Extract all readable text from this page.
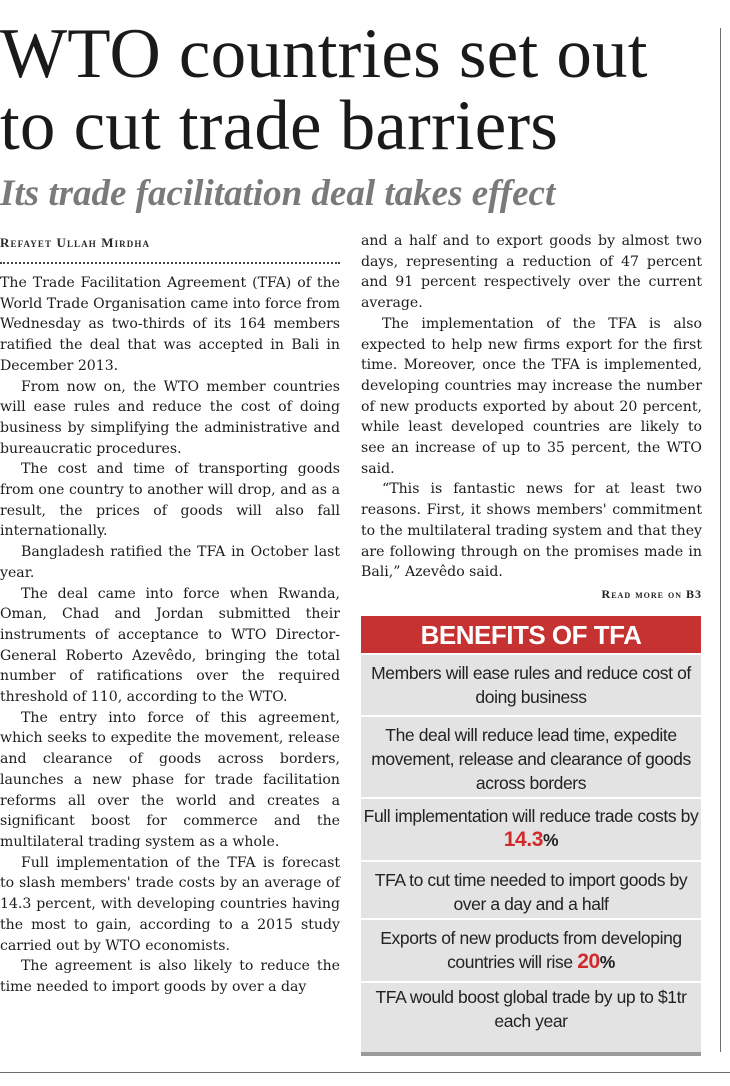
WTO countries set out to cut trade barriers
Its trade facilitation deal takes effect
Refayet Ullah Mirdha

The Trade Facilitation Agreement (TFA) of the World Trade Organisation came into force from Wednesday as two-thirds of its 164 members ratified the deal that was accepted in Bali in December 2013.

From now on, the WTO member countries will ease rules and reduce the cost of doing business by simplifying the administrative and bureaucratic procedures.

The cost and time of transporting goods from one country to another will drop, and as a result, the prices of goods will also fall internationally.

Bangladesh ratified the TFA in October last year.

The deal came into force when Rwanda, Oman, Chad and Jordan submitted their instruments of acceptance to WTO Director-General Roberto Azevêdo, bringing the total number of ratifications over the required threshold of 110, according to the WTO.

The entry into force of this agreement, which seeks to expedite the movement, release and clearance of goods across borders, launches a new phase for trade facilitation reforms all over the world and creates a significant boost for commerce and the multilateral trading system as a whole.

Full implementation of the TFA is forecast to slash members' trade costs by an average of 14.3 percent, with developing countries having the most to gain, according to a 2015 study carried out by WTO economists.

The agreement is also likely to reduce the time needed to import goods by over a day

and a half and to export goods by almost two days, representing a reduction of 47 percent and 91 percent respectively over the current average.

The implementation of the TFA is also expected to help new firms export for the first time. Moreover, once the TFA is implemented, developing countries may increase the number of new products exported by about 20 percent, while least developed countries are likely to see an increase of up to 35 percent, the WTO said.

“This is fantastic news for at least two reasons. First, it shows members' commitment to the multilateral trading system and that they are following through on the promises made in Bali,” Azevêdo said.

Read more on B3
BENEFITS OF TFA
Members will ease rules and reduce cost of doing business
The deal will reduce lead time, expedite movement, release and clearance of goods across borders
Full implementation will reduce trade costs by 14.3%
TFA to cut time needed to import goods by over a day and a half
Exports of new products from developing countries will rise 20%
TFA would boost global trade by up to $1tr each year
